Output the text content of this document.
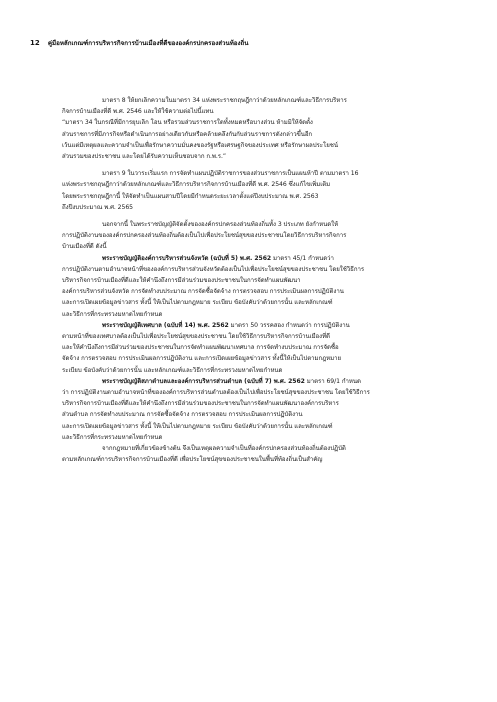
12 คู่มือหลักเกณฑ์การบริหารกิจการบ้านเมืองที่ดีขององค์กรปกครองส่วนท้องถิ่น

มาตรา 8 ให้ยกเลิกความในมาตรา 34 แห่งพระราชกฤษฎีกาว่าด้วยหลักเกณฑ์และวิธีการบริหาร
กิจการบ้านเมืองที่ดี พ.ศ. 2546 และให้ใช้ความต่อไปนี้แทน
“มาตรา 34 ในกรณีที่มีการยุบเลิก โอน หรือรวมส่วนราชการใดทั้งหมดหรือบางส่วน ห้ามมิให้จัดตั้ง
ส่วนราชการที่มีภารกิจหรือดำเนินการอย่างเดียวกันหรือคล้ายคลึงกันกับส่วนราชการดังกล่าวขึ้นอีก
เว้นแต่มีเหตุผลและความจำเป็นเพื่อรักษาความมั่นคงของรัฐหรือเศรษฐกิจของประเทศ หรือรักษาผลประโยชน์
ส่วนรวมของประชาชน และโดยได้รับความเห็นชอบจาก ก.พ.ร.”

มาตรา 9 ในวาระเริ่มแรก การจัดทำแผนปฏิบัติราชการของส่วนราชการเป็นแผนห้าปี ตามมาตรา 16
แห่งพระราชกฤษฎีกาว่าด้วยหลักเกณฑ์และวิธีการบริหารกิจการบ้านเมืองที่ดี พ.ศ. 2546 ซึ่งแก้ไขเพิ่มเติม
โดยพระราชกฤษฎีกานี้ ให้จัดทำเป็นแผนสามปีโดยมีกำหนดระยะเวลาตั้งแต่ปีงบประมาณ พ.ศ. 2563
ถึงปีงบประมาณ พ.ศ. 2565

นอกจากนี้ ในพระราชบัญญัติจัดตั้งขององค์กรปกครองส่วนท้องถิ่นทั้ง 3 ประเภท ยังกำหนดให้
การปฏิบัติงานขององค์กรปกครองส่วนท้องถิ่นต้องเป็นไปเพื่อประโยชน์สุขของประชาชนโดยวิธีการบริหารกิจการ
บ้านเมืองที่ดี ดังนี้

พระราชบัญญัติองค์การบริหารส่วนจังหวัด (ฉบับที่ 5) พ.ศ. 2562 มาตรา 45/1 กำหนดว่า
การปฏิบัติงานตามอำนาจหน้าที่ขององค์การบริหารส่วนจังหวัดต้องเป็นไปเพื่อประโยชน์สุขของประชาชน โดยใช้วิธีการ
บริหารกิจการบ้านเมืองที่ดีและให้คำนึงถึงการมีส่วนร่วมของประชาชนในการจัดทำแผนพัฒนา
องค์การบริหารส่วนจังหวัด การจัดทำงบประมาณ การจัดซื้อจัดจ้าง การตรวจสอบ การประเมินผลการปฏิบัติงาน
และการเปิดเผยข้อมูลข่าวสาร ทั้งนี้ ให้เป็นไปตามกฎหมาย ระเบียบ ข้อบังคับว่าด้วยการนั้น และหลักเกณฑ์
และวิธีการที่กระทรวงมหาดไทยกำหนด

พระราชบัญญัติเทศบาล (ฉบับที่ 14) พ.ศ. 2562 มาตรา 50 วรรคสอง กำหนดว่า การปฏิบัติงาน
ตามหน้าที่ของเทศบาลต้องเป็นไปเพื่อประโยชน์สุขของประชาชน โดยใช้วิธีการบริหารกิจการบ้านเมืองที่ดี
และให้คำนึงถึงการมีส่วนร่วมของประชาชนในการจัดทำแผนพัฒนาเทศบาล การจัดทำงบประมาณ การจัดซื้อ
จัดจ้าง การตรวจสอบ การประเมินผลการปฏิบัติงาน และการเปิดเผยข้อมูลข่าวสาร ทั้งนี้ให้เป็นไปตามกฎหมาย
ระเบียบ ข้อบังคับว่าด้วยการนั้น และหลักเกณฑ์และวิธีการที่กระทรวงมหาดไทยกำหนด

พระราชบัญญัติสภาตำบลและองค์การบริหารส่วนตำบล (ฉบับที่ 7) พ.ศ. 2562 มาตรา 69/1 กำหนด
ว่า การปฏิบัติงานตามอำนาจหน้าที่ขององค์การบริหารส่วนตำบลต้องเป็นไปเพื่อประโยชน์สุขของประชาชน โดยใช้วิธีการ
บริหารกิจการบ้านเมืองที่ดีและให้คำนึงถึงการมีส่วนร่วมของประชาชนในการจัดทำแผนพัฒนาองค์การบริหาร
ส่วนตำบล การจัดทำงบประมาณ การจัดซื้อจัดจ้าง การตรวจสอบ การประเมินผลการปฏิบัติงาน
และการเปิดเผยข้อมูลข่าวสาร ทั้งนี้ ให้เป็นไปตามกฎหมาย ระเบียบ ข้อบังคับว่าด้วยการนั้น และหลักเกณฑ์
และวิธีการที่กระทรวงมหาดไทยกำหนด

จากกฎหมายที่เกี่ยวข้องข้างต้น จึงเป็นเหตุผลความจำเป็นที่องค์กรปกครองส่วนท้องถิ่นต้องปฏิบัติ
ตามหลักเกณฑ์การบริหารกิจการบ้านเมืองที่ดี เพื่อประโยชน์สุขของประชาชนในพื้นที่ท้องถิ่นเป็นสำคัญ
